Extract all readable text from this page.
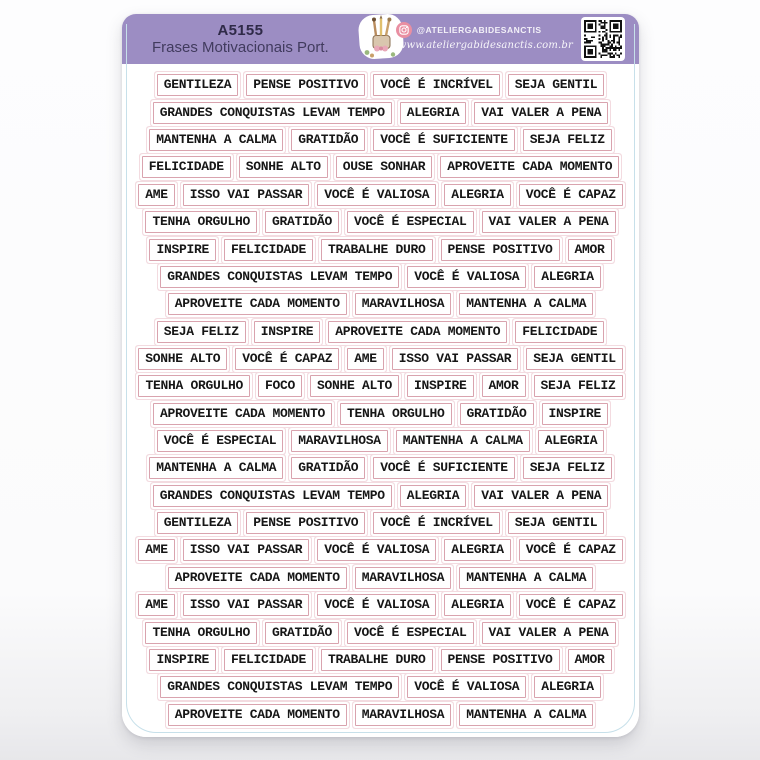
A5155
Frases Motivacionais Port.
@ATELIERGABIDESANCTIS
www.ateliergabidesanctis.com.br
GENTILEZA	PENSE POSITIVO	VOCÊ É INCRÍVEL	SEJA GENTIL
GRANDES CONQUISTAS LEVAM TEMPO	ALEGRIA	VAI VALER A PENA
MANTENHA A CALMA	GRATIDÃO	VOCÊ É SUFICIENTE	SEJA FELIZ
FELICIDADE	SONHE ALTO	OUSE SONHAR	APROVEITE CADA MOMENTO
AME	ISSO VAI PASSAR	VOCÊ É VALIOSA	ALEGRIA	VOCÊ É CAPAZ
TENHA ORGULHO	GRATIDÃO	VOCÊ É ESPECIAL	VAI VALER A PENA
INSPIRE	FELICIDADE	TRABALHE DURO	PENSE POSITIVO	AMOR
GRANDES CONQUISTAS LEVAM TEMPO	VOCÊ É VALIOSA	ALEGRIA
APROVEITE CADA MOMENTO	MARAVILHOSA	MANTENHA A CALMA
SEJA FELIZ	INSPIRE	APROVEITE CADA MOMENTO	FELICIDADE
SONHE ALTO	VOCÊ É CAPAZ	AME	ISSO VAI PASSAR	SEJA GENTIL
TENHA ORGULHO	FOCO	SONHE ALTO	INSPIRE	AMOR	SEJA FELIZ
APROVEITE CADA MOMENTO	TENHA ORGULHO	GRATIDÃO	INSPIRE
VOCÊ É ESPECIAL	MARAVILHOSA	MANTENHA A CALMA	ALEGRIA
MANTENHA A CALMA	GRATIDÃO	VOCÊ É SUFICIENTE	SEJA FELIZ
GRANDES CONQUISTAS LEVAM TEMPO	ALEGRIA	VAI VALER A PENA
GENTILEZA	PENSE POSITIVO	VOCÊ É INCRÍVEL	SEJA GENTIL
AME	ISSO VAI PASSAR	VOCÊ É VALIOSA	ALEGRIA	VOCÊ É CAPAZ
APROVEITE CADA MOMENTO	MARAVILHOSA	MANTENHA A CALMA
AME	ISSO VAI PASSAR	VOCÊ É VALIOSA	ALEGRIA	VOCÊ É CAPAZ
TENHA ORGULHO	GRATIDÃO	VOCÊ É ESPECIAL	VAI VALER A PENA
INSPIRE	FELICIDADE	TRABALHE DURO	PENSE POSITIVO	AMOR
GRANDES CONQUISTAS LEVAM TEMPO	VOCÊ É VALIOSA	ALEGRIA
APROVEITE CADA MOMENTO	MARAVILHOSA	MANTENHA A CALMA
